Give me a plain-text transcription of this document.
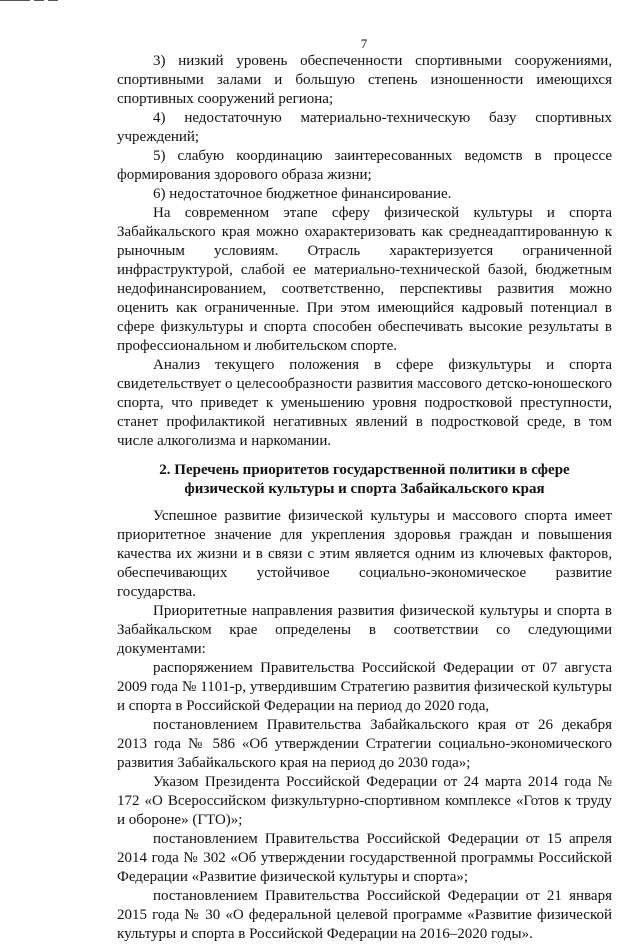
7

3) низкий уровень обеспеченности спортивными сооружениями, спортивными залами и большую степень изношенности имеющихся спортивных сооружений региона;

4) недостаточную материально-техническую базу спортивных учреждений;

5) слабую координацию заинтересованных ведомств в процессе формирования здорового образа жизни;

6) недостаточное бюджетное финансирование.

На современном этапе сферу физической культуры и спорта Забайкальского края можно охарактеризовать как среднеадаптированную к рыночным условиям. Отрасль характеризуется ограниченной инфраструктурой, слабой ее материально-технической базой, бюджетным недофинансированием, соответственно, перспективы развития можно оценить как ограниченные. При этом имеющийся кадровый потенциал в сфере физкультуры и спорта способен обеспечивать высокие результаты в профессиональном и любительском спорте.

Анализ текущего положения в сфере физкультуры и спорта свидетельствует о целесообразности развития массового детско-юношеского спорта, что приведет к уменьшению уровня подростковой преступности, станет профилактикой негативных явлений в подростковой среде, в том числе алкоголизма и наркомании.

2. Перечень приоритетов государственной политики в сфере
физической культуры и спорта Забайкальского края

Успешное развитие физической культуры и массового спорта имеет приоритетное значение для укрепления здоровья граждан и повышения качества их жизни и в связи с этим является одним из ключевых факторов, обеспечивающих устойчивое социально-экономическое развитие государства.

Приоритетные направления развития физической культуры и спорта в Забайкальском крае определены в соответствии со следующими документами:

распоряжением Правительства Российской Федерации от 07 августа 2009 года № 1101-р, утвердившим Стратегию развития физической культуры и спорта в Российской Федерации на период до 2020 года,

постановлением Правительства Забайкальского края от 26 декабря 2013 года № 586 «Об утверждении Стратегии социально-экономического развития Забайкальского края на период до 2030 года»;

Указом Президента Российской Федерации от 24 марта 2014 года № 172 «О Всероссийском физкультурно-спортивном комплексе «Готов к труду и обороне» (ГТО)»;

постановлением Правительства Российской Федерации от 15 апреля 2014 года № 302 «Об утверждении государственной программы Российской Федерации «Развитие физической культуры и спорта»;

постановлением Правительства Российской Федерации от 21 января 2015 года № 30 «О федеральной целевой программе «Развитие физической культуры и спорта в Российской Федерации на 2016–2020 годы».
